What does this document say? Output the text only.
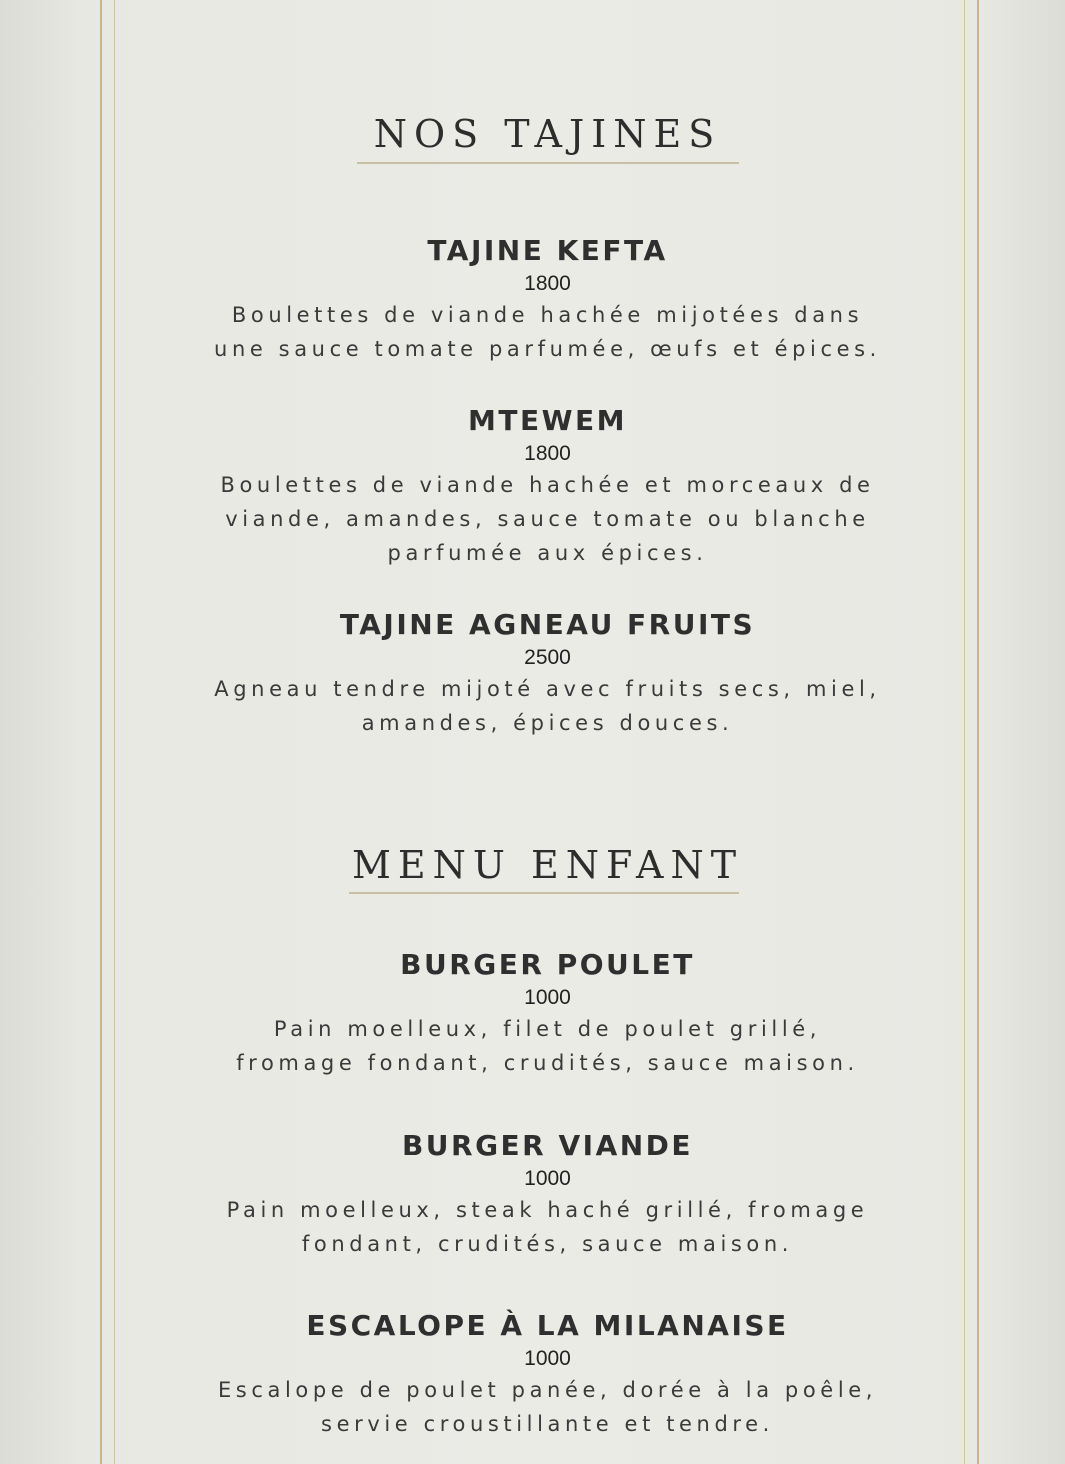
NOS TAJINES
TAJINE KEFTA
1800
Boulettes de viande hachée mijotées dans
une sauce tomate parfumée, œufs et épices.
MTEWEM
1800
Boulettes de viande hachée et morceaux de
viande, amandes, sauce tomate ou blanche
parfumée aux épices.
TAJINE AGNEAU FRUITS
2500
Agneau tendre mijoté avec fruits secs, miel,
amandes, épices douces.
MENU ENFANT
BURGER POULET
1000
Pain moelleux, filet de poulet grillé,
fromage fondant, crudités, sauce maison.
BURGER VIANDE
1000
Pain moelleux, steak haché grillé, fromage
fondant, crudités, sauce maison.
ESCALOPE À LA MILANAISE
1000
Escalope de poulet panée, dorée à la poêle,
servie croustillante et tendre.
